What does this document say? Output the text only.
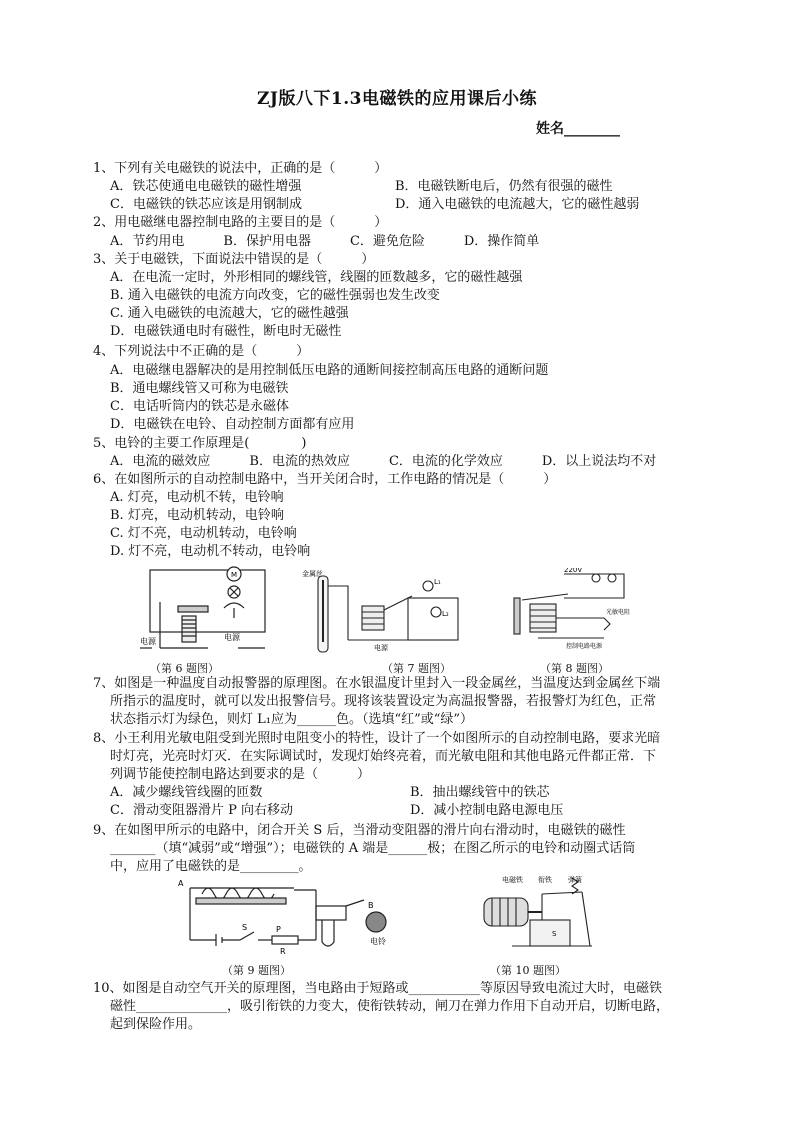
ZJ版八下1.3电磁铁的应用课后小练
姓名________
1、下列有关电磁铁的说法中，正确的是（　　　）
A．铁芯使通电电磁铁的磁性增强	B．电磁铁断电后，仍然有很强的磁性
C．电磁铁的铁芯应该是用钢制成	D．通入电磁铁的电流越大，它的磁性越弱
2、用电磁继电器控制电路的主要目的是（　　　）
A．节约用电　　　B．保护用电器　　　C．避免危险　　　D．操作简单
3、关于电磁铁，下面说法中错误的是（　　　）
A．在电流一定时，外形相同的螺线管，线圈的匝数越多，它的磁性越强
B. 通入电磁铁的电流方向改变，它的磁性强弱也发生改变
C. 通入电磁铁的电流越大，它的磁性越强
D．电磁铁通电时有磁性，断电时无磁性
4、下列说法中不正确的是（　　　）
A．电磁继电器解决的是用控制低压电路的通断间接控制高压电路的通断问题
B．通电螺线管又可称为电磁铁
C．电话听筒内的铁芯是永磁体
D．电磁铁在电铃、自动控制方面都有应用
5、电铃的主要工作原理是(　　　　)
A．电流的磁效应　　　B．电流的热效应　　　C．电流的化学效应　　　D．以上说法均不对
6、在如图所示的自动控制电路中，当开关闭合时，工作电路的情况是（　　　）
A. 灯亮，电动机不转，电铃响
B. 灯亮，电动机转动，电铃响
C. 灯不亮，电动机转动，电铃响
D. 灯不亮，电动机不转动，电铃响
M
电源	电源
（第 6 题图）
金属丝
电源
L₁
L₂
（第 7 题图）
220V
光敏电阻
控制电路电源
（第 8 题图）
7、如图是一种温度自动报警器的原理图。在水银温度计里封入一段金属丝，当温度达到金属丝下端
所指示的温度时，就可以发出报警信号。现将该装置设定为高温报警器，若报警灯为红色，正常
状态指示灯为绿色，则灯 L₁应为______色。（选填“红”或“绿”）
8、小王利用光敏电阻受到光照时电阻变小的特性，设计了一个如图所示的自动控制电路，要求光暗
时灯亮，光亮时灯灭．在实际调试时，发现灯始终亮着，而光敏电阻和其他电路元件都正常．下
列调节能使控制电路达到要求的是（　　　）
A．减少螺线管线圈的匝数	B．抽出螺线管中的铁芯
C．滑动变阻器滑片 P 向右移动	D．减小控制电路电源电压
9、在如图甲所示的电路中，闭合开关 S 后，当滑动变阻器的滑片向右滑动时，电磁铁的磁性
_______（填“减弱”或“增强”）；电磁铁的 A 端是______极；在图乙所示的电铃和动圈式话筒
中，应用了电磁铁的是_________。
A
S	P
R
B
电铃
（第 9 题图）
电磁铁 衔铁 弹簧
S
（第 10 题图）
10、如图是自动空气开关的原理图，当电路由于短路或___________等原因导致电流过大时，电磁铁
磁性______________，吸引衔铁的力变大，使衔铁转动，闸刀在弹力作用下自动开启，切断电路，
起到保险作用。
